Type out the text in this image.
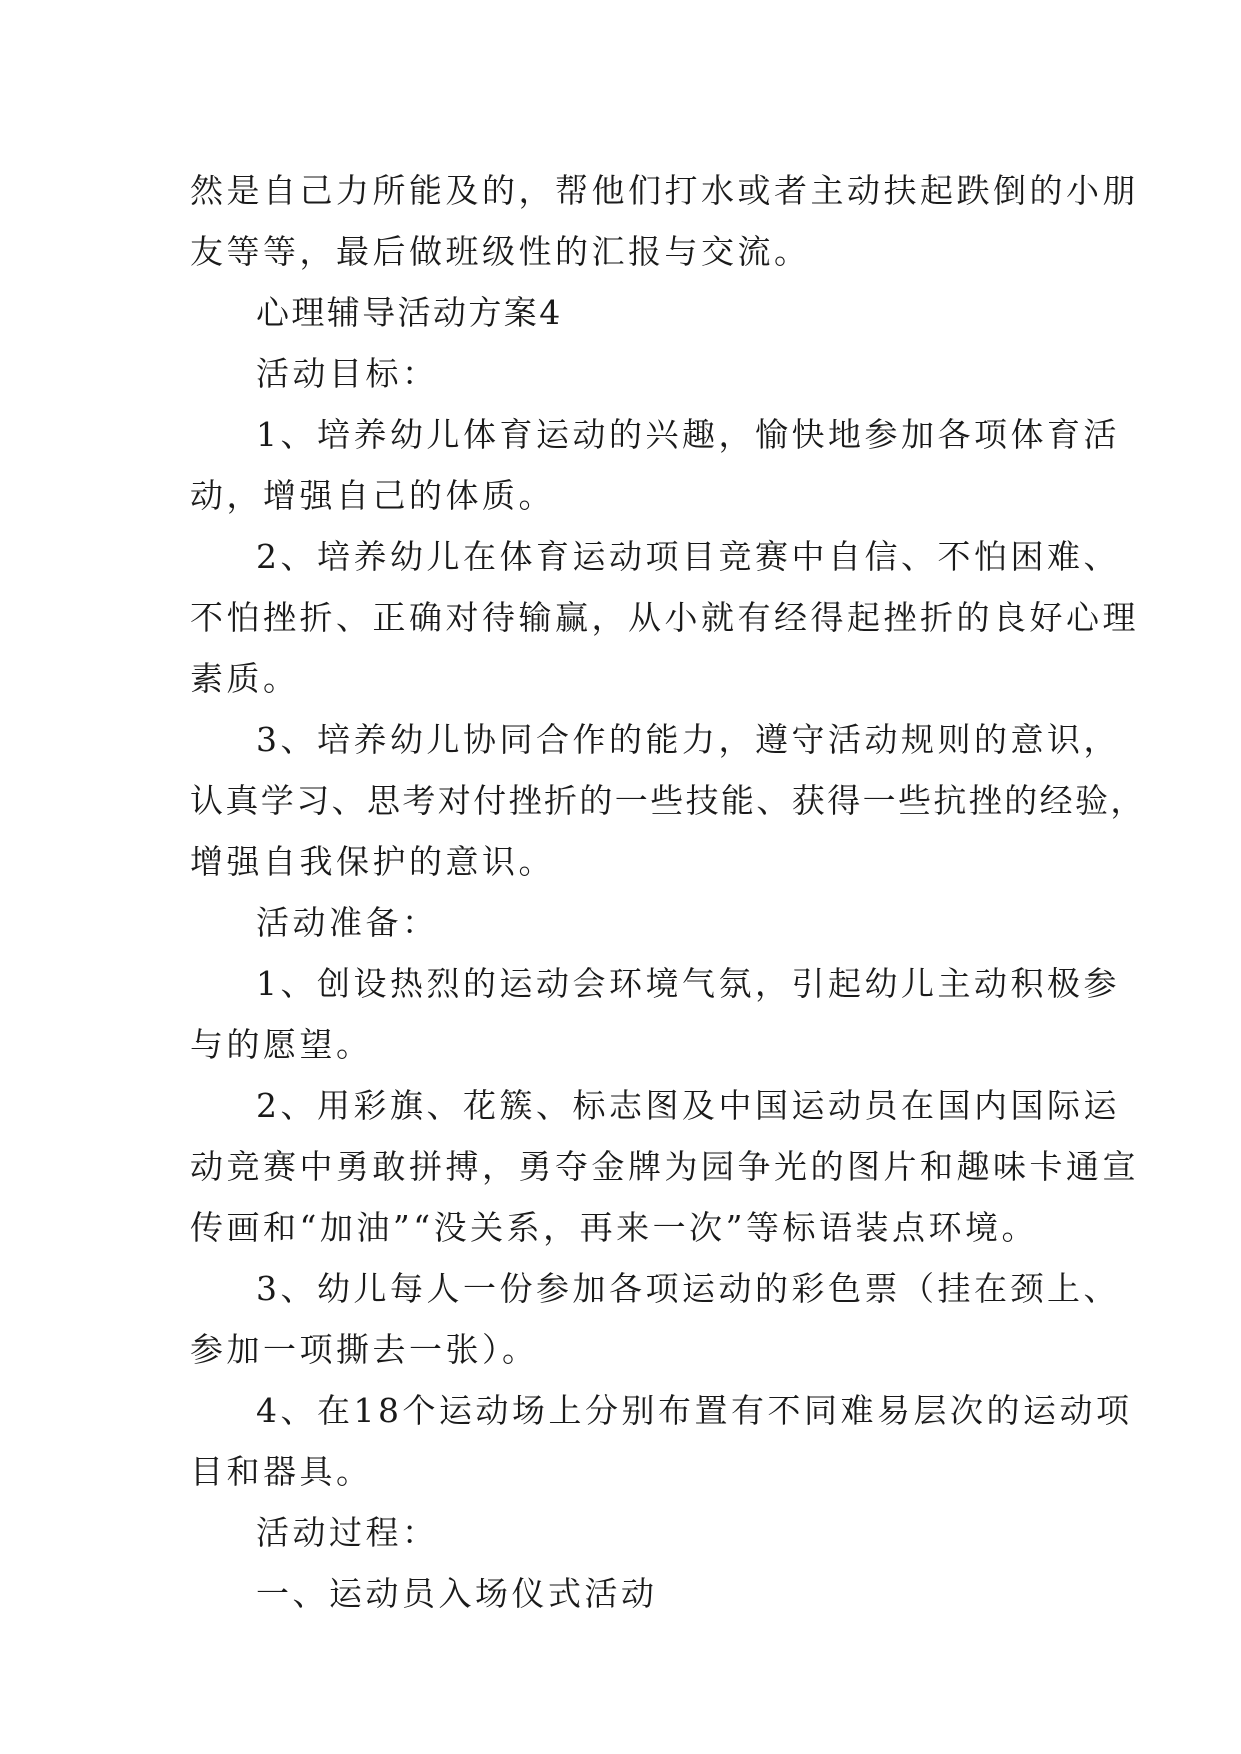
然是自己力所能及的，帮他们打水或者主动扶起跌倒的小朋
友等等，最后做班级性的汇报与交流。
心理辅导活动方案4
活动目标：
1、培养幼儿体育运动的兴趣，愉快地参加各项体育活
动，增强自己的体质。
2、培养幼儿在体育运动项目竞赛中自信、不怕困难、
不怕挫折、正确对待输赢，从小就有经得起挫折的良好心理
素质。
3、培养幼儿协同合作的能力，遵守活动规则的意识，
认真学习、思考对付挫折的一些技能、获得一些抗挫的经验，
增强自我保护的意识。
活动准备：
1、创设热烈的运动会环境气氛，引起幼儿主动积极参
与的愿望。
2、用彩旗、花簇、标志图及中国运动员在国内国际运
动竞赛中勇敢拼搏，勇夺金牌为园争光的图片和趣味卡通宣
传画和“加油”“没关系，再来一次”等标语装点环境。
3、幼儿每人一份参加各项运动的彩色票（挂在颈上、
参加一项撕去一张）。
4、在18个运动场上分别布置有不同难易层次的运动项
目和器具。
活动过程：
一、运动员入场仪式活动
